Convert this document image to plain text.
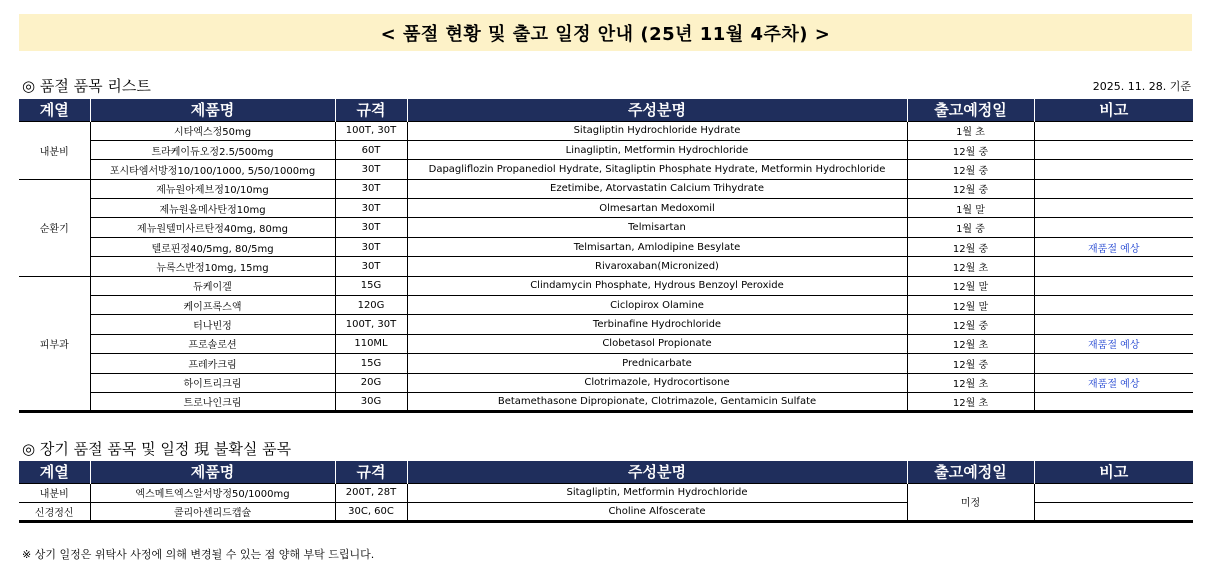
< 품절 현황 및 출고 일정 안내 (25년 11월 4주차) >
◎ 품절 품목 리스트	2025. 11. 28. 기준
계열	제품명	규격	주성분명	출고예정일	비고
내분비	시타엑스정50mg	100T, 30T	Sitagliptin Hydrochloride Hydrate	1월 초	
	트라케이듀오정2.5/500mg	60T	Linagliptin, Metformin Hydrochloride	12월 중	
	포시타엠서방정10/100/1000, 5/50/1000mg	30T	Dapagliflozin Propanediol Hydrate, Sitagliptin Phosphate Hydrate, Metformin Hydrochloride	12월 중	
순환기	제뉴원아제브정10/10mg	30T	Ezetimibe, Atorvastatin Calcium Trihydrate	12월 중	
	제뉴원올메사탄정10mg	30T	Olmesartan Medoxomil	1월 말	
	제뉴원텔미사르탄정40mg, 80mg	30T	Telmisartan	1월 중	
	텔로핀정40/5mg, 80/5mg	30T	Telmisartan, Amlodipine Besylate	12월 중	재품절 예상
	뉴록스반정10mg, 15mg	30T	Rivaroxaban(Micronized)	12월 초	
피부과	듀케이겔	15G	Clindamycin Phosphate, Hydrous Benzoyl Peroxide	12월 말	
	케이프록스액	120G	Ciclopirox Olamine	12월 말	
	터나빈정	100T, 30T	Terbinafine Hydrochloride	12월 중	
	프로솔로션	110ML	Clobetasol Propionate	12월 초	재품절 예상
	프레카크림	15G	Prednicarbate	12월 중	
	하이트리크림	20G	Clotrimazole, Hydrocortisone	12월 초	재품절 예상
	트로나인크림	30G	Betamethasone Dipropionate, Clotrimazole, Gentamicin Sulfate	12월 초	
◎ 장기 품절 품목 및 일정 現 불확실 품목
계열	제품명	규격	주성분명	출고예정일	비고
내분비	엑스메트엑스알서방정50/1000mg	200T, 28T	Sitagliptin, Metformin Hydrochloride	미정	
신경정신	콜리아센리드캡슐	30C, 60C	Choline Alfoscerate		
※ 상기 일정은 위탁사 사정에 의해 변경될 수 있는 점 양해 부탁 드립니다.
